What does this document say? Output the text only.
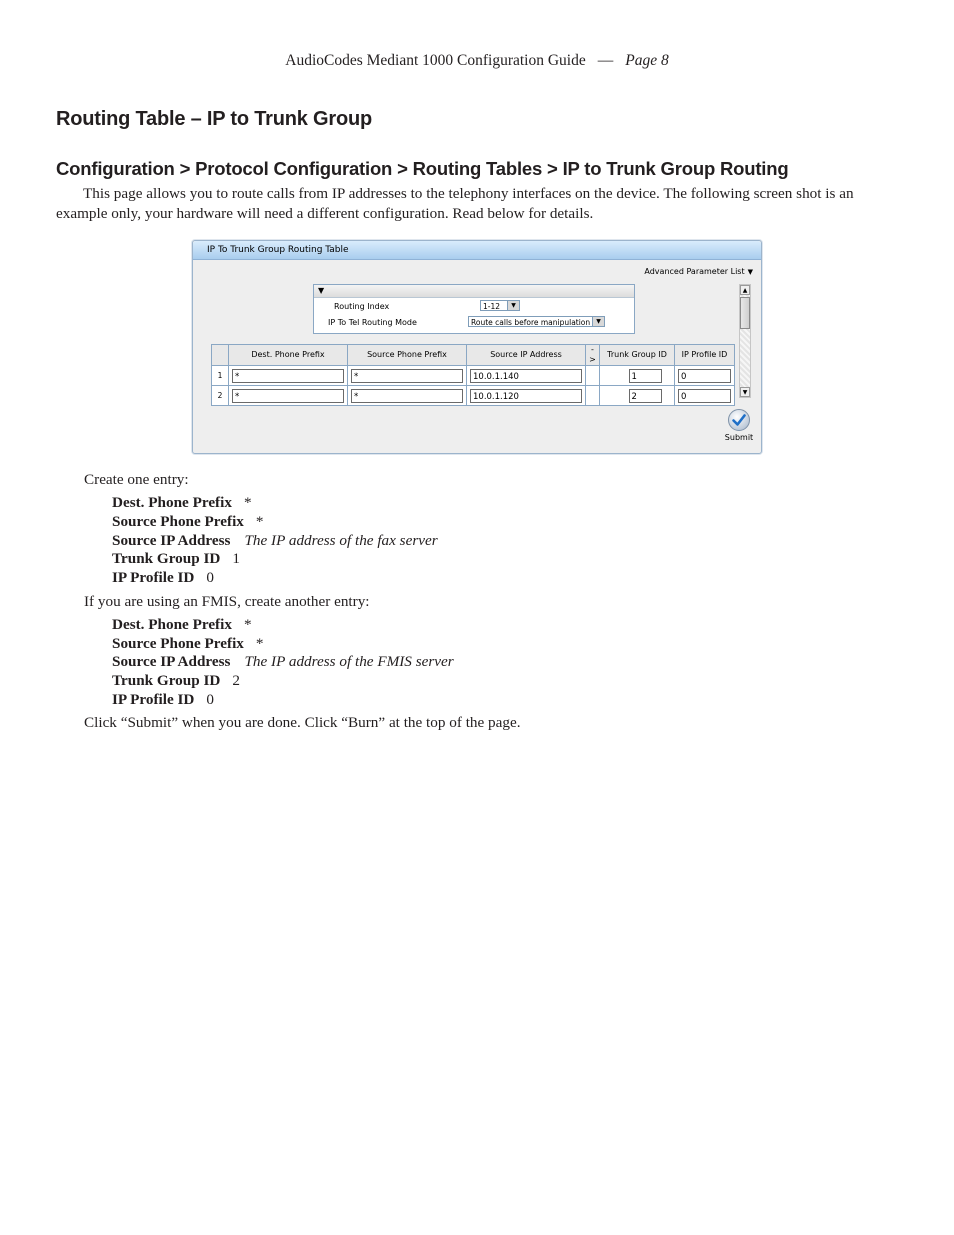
AudioCodes Mediant 1000 Configuration Guide — Page 8
Routing Table – IP to Trunk Group
Configuration > Protocol Configuration > Routing Tables > IP to Trunk Group Routing

This page allows you to route calls from IP addresses to the telephony interfaces on the device. The following screen shot is an example only, your hardware will need a different configuration. Read below for details.

IP To Trunk Group Routing Table
Advanced Parameter List ▼
▼
Routing Index	1-12	▼
IP To Tel Routing Mode	Route calls before manipulation	▼
	Dest. Phone Prefix	Source Phone Prefix	Source IP Address	->	Trunk Group ID	IP Profile ID
1	*	*	10.0.1.140		1	0
2	*	*	10.0.1.120		2	0
▲
▼
Submit

Create one entry:

Dest. Phone Prefix *

Source Phone Prefix *

Source IP Address The IP address of the fax server

Trunk Group ID 1

IP Profile ID 0

If you are using an FMIS, create another entry:

Dest. Phone Prefix *

Source Phone Prefix *

Source IP Address The IP address of the FMIS server

Trunk Group ID 2

IP Profile ID 0

Click “Submit” when you are done. Click “Burn” at the top of the page.
